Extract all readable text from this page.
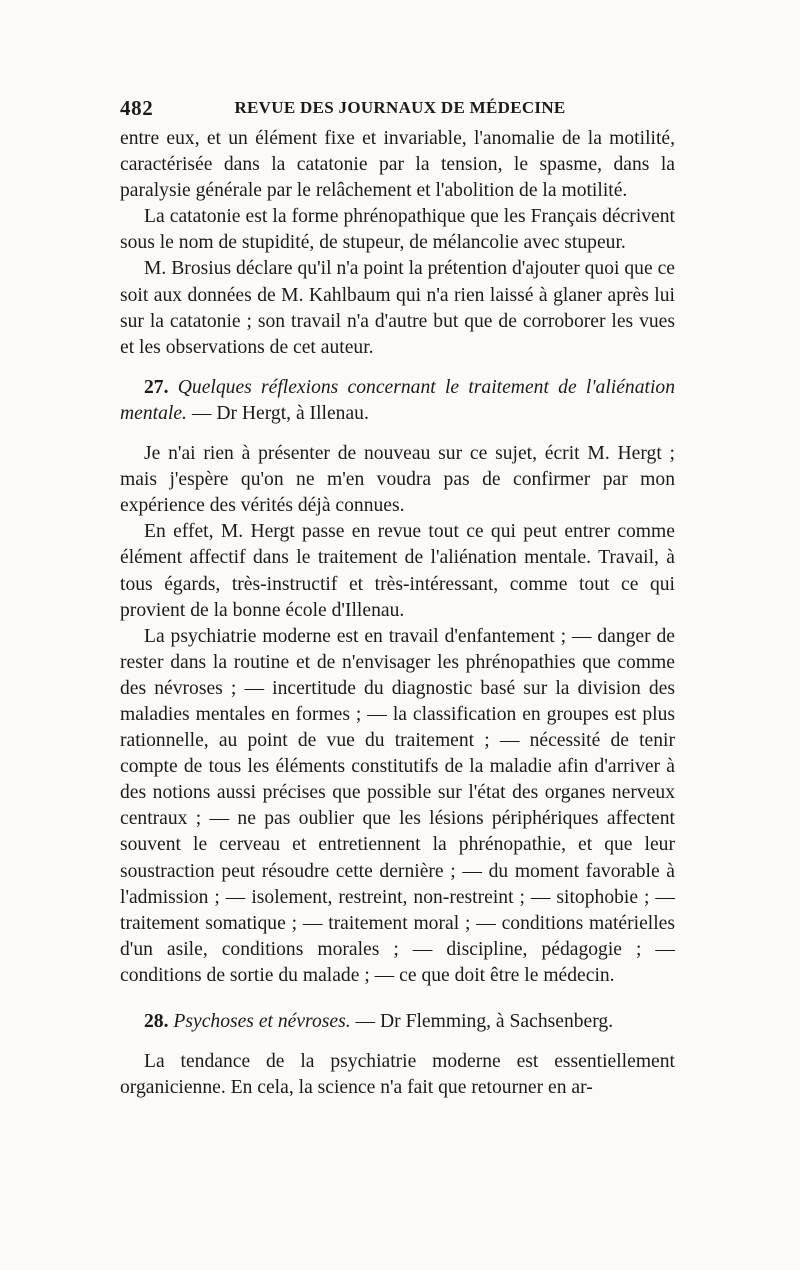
482	REVUE DES JOURNAUX DE MÉDECINE

entre eux, et un élément fixe et invariable, l'anomalie de la motilité, caractérisée dans la catatonie par la tension, le spasme, dans la paralysie générale par le relâchement et l'abolition de la motilité.

La catatonie est la forme phrénopathique que les Français décrivent sous le nom de stupidité, de stupeur, de mélancolie avec stupeur.

M. Brosius déclare qu'il n'a point la prétention d'ajouter quoi que ce soit aux données de M. Kahlbaum qui n'a rien laissé à glaner après lui sur la catatonie ; son travail n'a d'autre but que de corroborer les vues et les observations de cet auteur.

27. Quelques réflexions concernant le traitement de l'aliénation mentale. — Dr Hergt, à Illenau.

Je n'ai rien à présenter de nouveau sur ce sujet, écrit M. Hergt ; mais j'espère qu'on ne m'en voudra pas de confirmer par mon expérience des vérités déjà connues.

En effet, M. Hergt passe en revue tout ce qui peut entrer comme élément affectif dans le traitement de l'aliénation mentale. Travail, à tous égards, très-instructif et très-intéressant, comme tout ce qui provient de la bonne école d'Illenau.

La psychiatrie moderne est en travail d'enfantement ; — danger de rester dans la routine et de n'envisager les phrénopathies que comme des névroses ; — incertitude du diagnostic basé sur la division des maladies mentales en formes ; — la classification en groupes est plus rationnelle, au point de vue du traitement ; — nécessité de tenir compte de tous les éléments constitutifs de la maladie afin d'arriver à des notions aussi précises que possible sur l'état des organes nerveux centraux ; — ne pas oublier que les lésions périphériques affectent souvent le cerveau et entretiennent la phrénopathie, et que leur soustraction peut résoudre cette dernière ; — du moment favorable à l'admission ; — isolement, restreint, non-restreint ; — sitophobie ; — traitement somatique ; — traitement moral ; — conditions matérielles d'un asile, conditions morales ; — discipline, pédagogie ; — conditions de sortie du malade ; — ce que doit être le médecin.

28. Psychoses et névroses. — Dr Flemming, à Sachsenberg.

La tendance de la psychiatrie moderne est essentiellement organicienne. En cela, la science n'a fait que retourner en ar-
